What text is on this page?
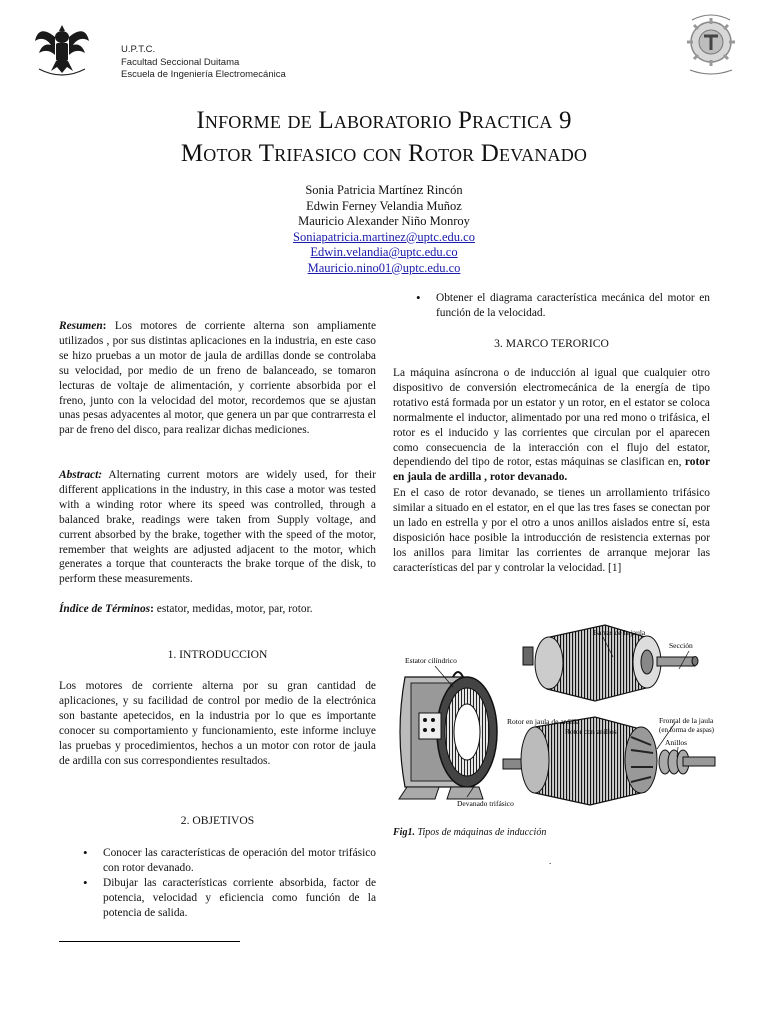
U.P.T.C.
Facultad Seccional Duitama
Escuela de Ingeniería Electromecánica
Informe de Laboratorio Practica 9
Motor Trifasico con Rotor Devanado
Sonia Patricia Martínez Rincón
Edwin Ferney Velandia Muñoz
Mauricio Alexander Niño Monroy
Soniapatricia.martinez@uptc.edu.co
Edwin.velandia@uptc.edu.co
Mauricio.nino01@uptc.edu.co
Resumen: Los motores de corriente alterna son ampliamente utilizados , por sus distintas aplicaciones en la industria, en este caso se hizo pruebas a un motor de jaula de ardillas donde se controlaba su velocidad, por medio de un freno de balanceado, se tomaron lecturas de voltaje de alimentación, y corriente absorbida por el freno, junto con la velocidad del motor, recordemos que se ajustan unas pesas adyacentes al motor, que genera un par que contrarresta el par de freno del disco, para realizar dichas mediciones.
Abstract: Alternating current motors are widely used, for their different applications in the industry, in this case a motor was tested with a winding rotor where its speed was controlled, through a balanced brake, readings were taken from Supply voltage, and current absorbed by the brake, together with the speed of the motor, remember that weights are adjusted adjacent to the motor, which generates a torque that counteracts the brake torque of the disk, to perform these measurements.
Índice de Términos: estator, medidas, motor, par, rotor.
1. INTRODUCCION
Los motores de corriente alterna por su gran cantidad de aplicaciones, y su facilidad de control por medio de la electrónica son bastante apetecidos, en la industria por lo que es importante conocer su comportamiento y funcionamiento, este informe incluye las pruebas y procedimientos, hechos a un motor con rotor de jaula de ardilla con sus correspondientes resultados.
2. OBJETIVOS
• Conocer las características de operación del motor trifásico con rotor devanado.
• Dibujar las características corriente absorbida, factor de potencia, velocidad y eficiencia como función de la potencia de salida.
• Obtener el diagrama característica mecánica del motor en función de la velocidad.
3. MARCO TERORICO
La máquina asíncrona o de inducción al igual que cualquier otro dispositivo de conversión electromecánica de la energía de tipo rotativo está formada por un estator y un rotor, en el estator se coloca normalmente el inductor, alimentado por una red mono o trifásica, el rotor es el inducido y las corrientes que circulan por el aparecen como consecuencia de la interacción con el flujo del estator, dependiendo del tipo de rotor, estas máquinas se clasifican en, rotor en jaula de ardilla , rotor devanado.
En el caso de rotor devanado, se tienes un arrollamiento trifásico similar a situado en el estator, en el que las tres fases se conectan por un lado en estrella y por el otro a unos anillos aislados entre sí, esta disposición hace posible la introducción de resistencia externas por los anillos para limitar las corrientes de arranque mejorar las características del par y controlar la velocidad. [1]
Barras de la jaula
Sección
Estator cilíndrico
Rotor en jaula de ardilla
Rotor con anillos
Frontal de la jaula
(en forma de aspas)
Anillos
Devanado trifásico
Fig1. Tipos de máquinas de inducción
.
